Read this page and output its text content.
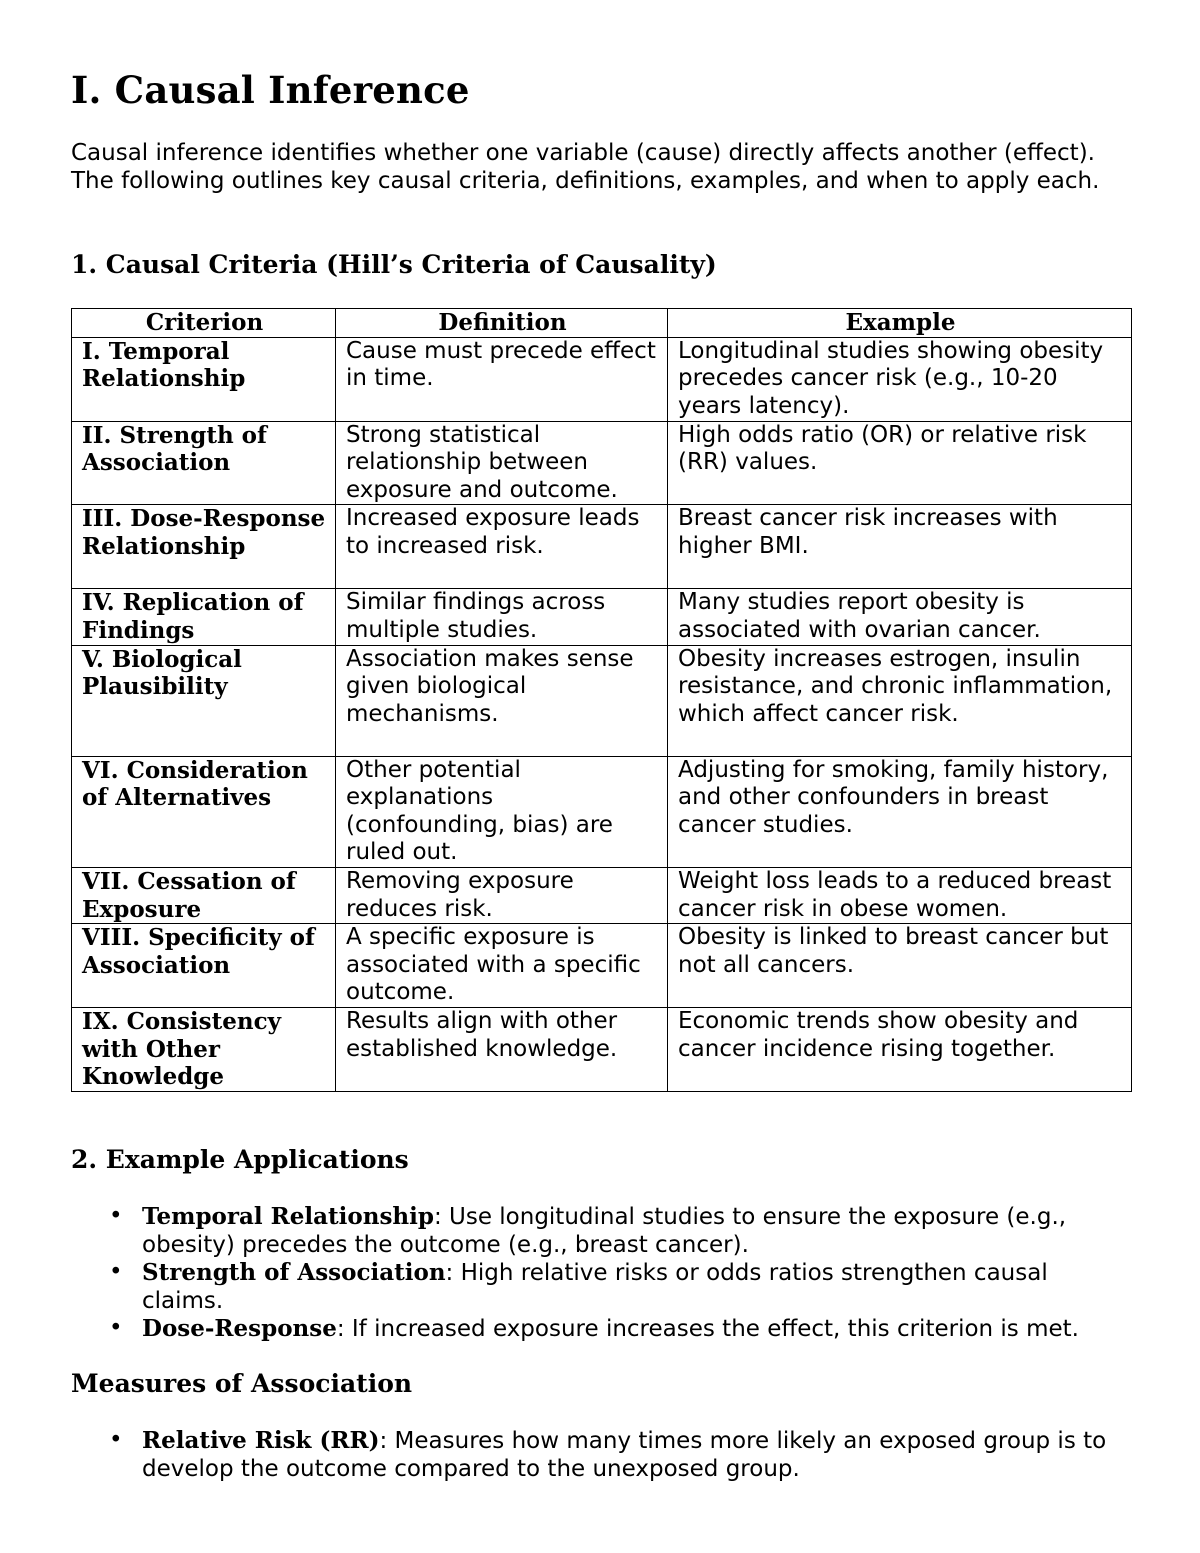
I. Causal Inference

Causal inference identifies whether one variable (cause) directly affects another (effect). The following outlines key causal criteria, definitions, examples, and when to apply each.

1. Causal Criteria (Hill’s Criteria of Causality)
Criterion	Definition	Example
I. Temporal Relationship	Cause must precede effect in time.	Longitudinal studies showing obesity precedes cancer risk (e.g., 10-20 years latency).
II. Strength of Association	Strong statistical relationship between exposure and outcome.	High odds ratio (OR) or relative risk (RR) values.
III. Dose-Response Relationship	Increased exposure leads to increased risk.	Breast cancer risk increases with higher BMI.
IV. Replication of Findings	Similar findings across multiple studies.	Many studies report obesity is associated with ovarian cancer.
V. Biological Plausibility	Association makes sense given biological mechanisms.	Obesity increases estrogen, insulin resistance, and chronic inflammation, which affect cancer risk.
VI. Consideration of Alternatives	Other potential explanations (confounding, bias) are ruled out.	Adjusting for smoking, family history, and other confounders in breast cancer studies.
VII. Cessation of Exposure	Removing exposure reduces risk.	Weight loss leads to a reduced breast cancer risk in obese women.
VIII. Specificity of Association	A specific exposure is associated with a specific outcome.	Obesity is linked to breast cancer but not all cancers.
IX. Consistency with Other Knowledge	Results align with other established knowledge.	Economic trends show obesity and cancer incidence rising together.
2. Example Applications
• Temporal Relationship: Use longitudinal studies to ensure the exposure (e.g., obesity) precedes the outcome (e.g., breast cancer).
• Strength of Association: High relative risks or odds ratios strengthen causal claims.
• Dose-Response: If increased exposure increases the effect, this criterion is met.
Measures of Association
• Relative Risk (RR): Measures how many times more likely an exposed group is to develop the outcome compared to the unexposed group.
